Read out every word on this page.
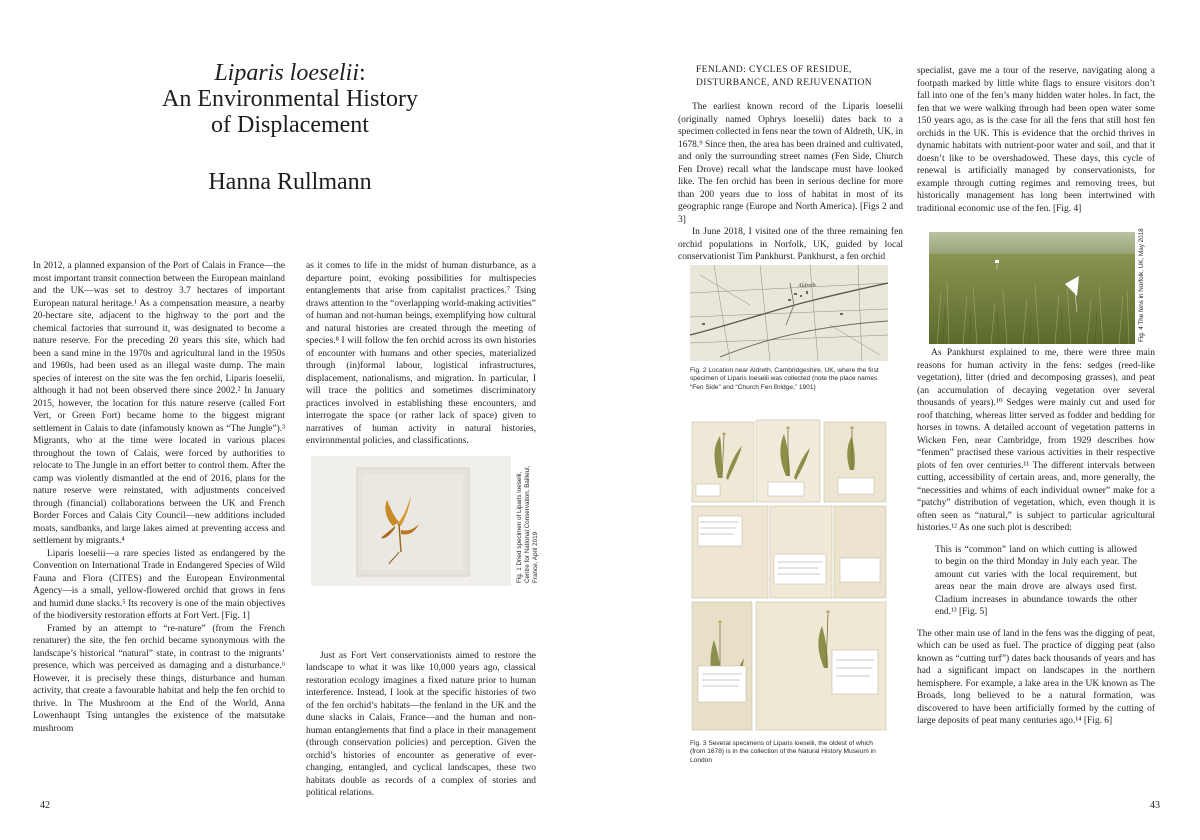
Liparis loeselii:
An Environmental History
of Displacement
Hanna Rullmann

In 2012, a planned expansion of the Port of Calais in France—the most important transit connection between the European mainland and the UK—was set to destroy 3.7 hectares of important European natural heritage.¹ As a compensation measure, a nearby 20-hectare site, adjacent to the highway to the port and the chemical factories that surround it, was designated to become a nature reserve. For the preceding 20 years this site, which had been a sand mine in the 1970s and agricultural land in the 1950s and 1960s, had been used as an illegal waste dump. The main species of interest on the site was the fen orchid, Liparis loeselii, although it had not been observed there since 2002.² In January 2015, however, the location for this nature reserve (called Fort Vert, or Green Fort) became home to the biggest migrant settlement in Calais to date (infamously known as “The Jungle”).³ Migrants, who at the time were located in various places throughout the town of Calais, were forced by authorities to relocate to The Jungle in an effort better to control them. After the camp was violently dismantled at the end of 2016, plans for the nature reserve were reinstated, with adjustments conceived through (financial) collaborations between the UK and French Border Forces and Calais City Council—new additions included moats, sandbanks, and large lakes aimed at preventing access and settlement by migrants.⁴

Liparis loeselii—a rare species listed as endangered by the Convention on International Trade in Endangered Species of Wild Fauna and Flora (CITES) and the European Environmental Agency—is a small, yellow-flowered orchid that grows in fens and humid dune slacks.⁵ Its recovery is one of the main objectives of the biodiversity restoration efforts at Fort Vert. [Fig. 1]

Framed by an attempt to “re-nature” (from the French renaturer) the site, the fen orchid became synonymous with the landscape’s historical “natural” state, in contrast to the migrants’ presence, which was perceived as damaging and a disturbance.⁶ However, it is precisely these things, disturbance and human activity, that create a favourable habitat and help the fen orchid to thrive. In The Mushroom at the End of the World, Anna Lowenhaupt Tsing untangles the existence of the matsutake mushroom

as it comes to life in the midst of human disturbance, as a departure point, evoking possibilities for multispecies entanglements that arise from capitalist practices.⁷ Tsing draws attention to the “overlapping world-making activities” of human and not-human beings, exemplifying how cultural and natural histories are created through the meeting of species.⁸ I will follow the fen orchid across its own histories of encounter with humans and other species, materialized through (in)formal labour, logistical infrastructures, displacement, nationalisms, and migration. In particular, I will trace the politics and sometimes discriminatory practices involved in establishing these encounters, and interrogate the space (or rather lack of space) given to narratives of human activity in natural histories, environmental policies, and classifications.

Just as Fort Vert conservationists aimed to restore the landscape to what it was like 10,000 years ago, classical restoration ecology imagines a fixed nature prior to human interference. Instead, I look at the specific histories of two of the fen orchid’s habitats—the fenland in the UK and the dune slacks in Calais, France—and the human and non-human entanglements that find a place in their management (through conservation policies) and perception. Given the orchid’s histories of encounter as generative of ever-changing, entangled, and cyclical landscapes, these two habitats double as records of a complex of stories and political relations.

Fig. 1 Dried specimen of Liparis loeselii,
Centre for National Conservation, Bailleul,
France, April 2019
42
FENLAND: CYCLES OF RESIDUE,
DISTURBANCE, AND REJUVENATION

The earliest known record of the Liparis loeselii (originally named Ophrys loeselii) dates back to a specimen collected in fens near the town of Aldreth, UK, in 1678.⁹ Since then, the area has been drained and cultivated, and only the surrounding street names (Fen Side, Church Fen Drove) recall what the landscape must have looked like. The fen orchid has been in serious decline for more than 200 years due to loss of habitat in most of its geographic range (Europe and North America). [Figs 2 and 3]

In June 2018, I visited one of the three remaining fen orchid populations in Norfolk, UK, guided by local conservationist Tim Pankhurst. Pankhurst, a fen orchid

Aldreth
Fig. 2 Location near Aldreth, Cambridgeshire, UK, where the first specimen of Liparis loeselii was collected (note the place names “Fen Side” and “Church Fen Bridge,” 1901)
Fig. 3 Several specimens of Liparis loeselii, the oldest of which (from 1678) is in the collection of the Natural History Museum in London

specialist, gave me a tour of the reserve, navigating along a footpath marked by little white flags to ensure visitors don’t fall into one of the fen’s many hidden water holes. In fact, the fen that we were walking through had been open water some 150 years ago, as is the case for all the fens that still host fen orchids in the UK. This is evidence that the orchid thrives in dynamic habitats with nutrient-poor water and soil, and that it doesn’t like to be overshadowed. These days, this cycle of renewal is artificially managed by conservationists, for example through cutting regimes and removing trees, but historically management has long been intertwined with traditional economic use of the fen. [Fig. 4]

As Pankhurst explained to me, there were three main reasons for human activity in the fens: sedges (reed-like vegetation), litter (dried and decomposing grasses), and peat (an accumulation of decaying vegetation over several thousands of years).¹⁰ Sedges were mainly cut and used for roof thatching, whereas litter served as fodder and bedding for horses in towns. A detailed account of vegetation patterns in Wicken Fen, near Cambridge, from 1929 describes how “fenmen” practised these various activities in their respective plots of fen over centuries.¹¹ The different intervals between cutting, accessibility of certain areas, and, more generally, the “necessities and whims of each individual owner” make for a “patchy” distribution of vegetation, which, even though it is often seen as “natural,” is subject to particular agricultural histories.¹² As one such plot is described:

This is “common” land on which cutting is allowed to begin on the third Monday in July each year. The amount cut varies with the local requirement, but areas near the main drove are always used first. Cladium increases in abundance towards the other end.¹³ [Fig. 5]

The other main use of land in the fens was the digging of peat, which can be used as fuel. The practice of digging peat (also known as “cutting turf”) dates back thousands of years and has had a significant impact on landscapes in the northern hemisphere. For example, a lake area in the UK known as The Broads, long believed to be a natural formation, was discovered to have been artificially formed by the cutting of large deposits of peat many centuries ago.¹⁴ [Fig. 6]

Fig. 4 The fens in Norfolk, UK, May 2018
43
